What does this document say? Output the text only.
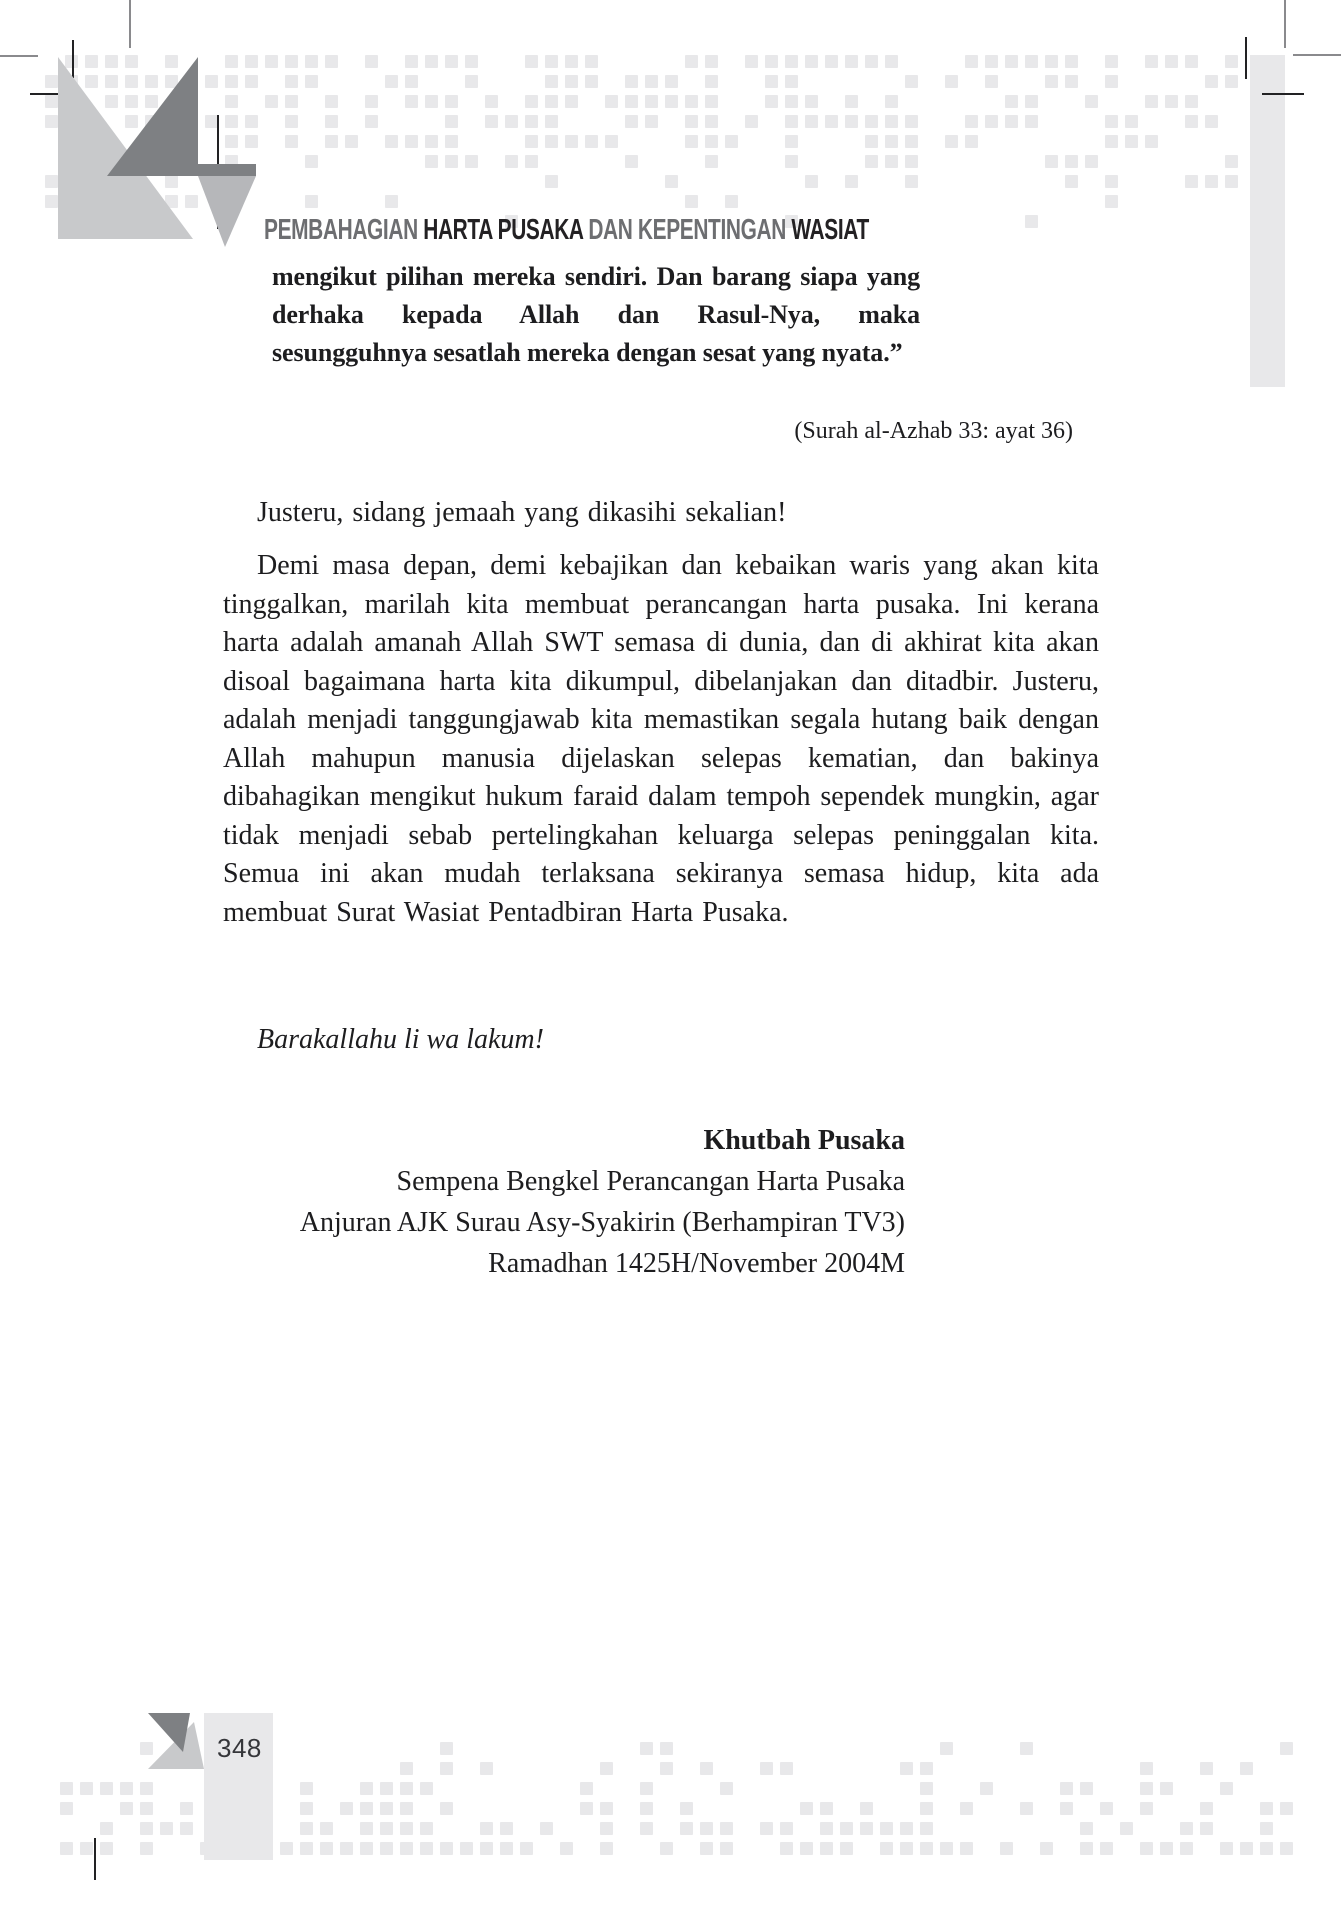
PEMBAHAGIAN HARTA PUSAKA DAN KEPENTINGAN WASIAT
mengikut pilihan mereka sendiri. Dan barang siapa yang derhaka kepada Allah dan Rasul-Nya, maka sesungguhnya sesatlah mereka dengan sesat yang nyata.”
(Surah al-Azhab 33: ayat 36)
Justeru, sidang jemaah yang dikasihi sekalian!
Demi masa depan, demi kebajikan dan kebaikan waris yang akan kita tinggalkan, marilah kita membuat perancangan harta pusaka. Ini kerana harta adalah amanah Allah SWT semasa di dunia, dan di akhirat kita akan disoal bagaimana harta kita dikumpul, dibelanjakan dan ditadbir. Justeru, adalah menjadi tanggungjawab kita memastikan segala hutang baik dengan Allah mahupun manusia dijelaskan selepas kematian, dan bakinya dibahagikan mengikut hukum faraid dalam tempoh sependek mungkin, agar tidak menjadi sebab pertelingkahan keluarga selepas peninggalan kita. Semua ini akan mudah terlaksana sekiranya semasa hidup, kita ada membuat Surat Wasiat Pentadbiran Harta Pusaka.
Barakallahu li wa lakum!
Khutbah Pusaka
Sempena Bengkel Perancangan Harta Pusaka
Anjuran AJK Surau Asy-Syakirin (Berhampiran TV3)
Ramadhan 1425H/November 2004M
348
